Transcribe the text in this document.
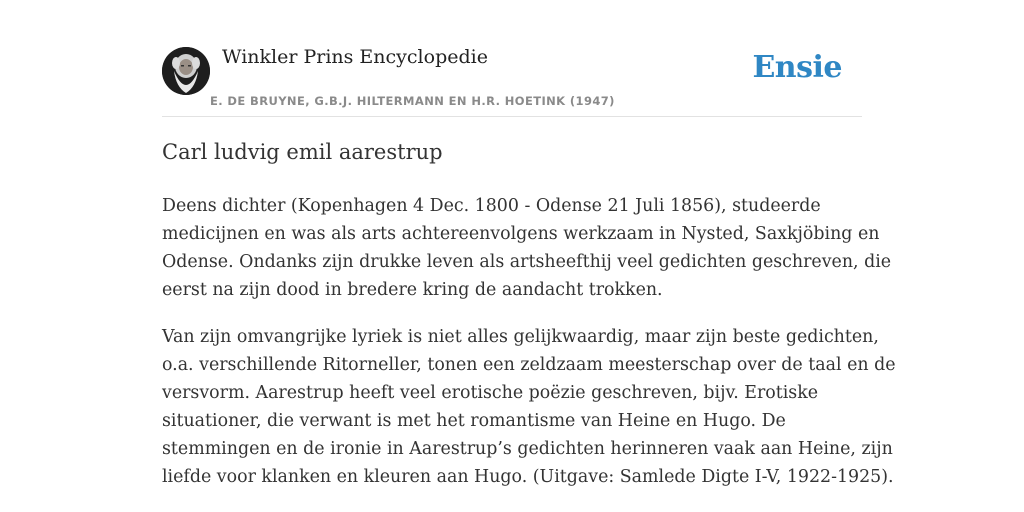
Winkler Prins Encyclopedie
E. DE BRUYNE, G.B.J. HILTERMANN EN H.R. HOETINK (1947)
Ensie
Carl ludvig emil aarestrup

Deens dichter (Kopenhagen 4 Dec. 1800 - Odense 21 Juli 1856), studeerde
medicijnen en was als arts achtereenvolgens werkzaam in Nysted, Saxkjöbing en
Odense. Ondanks zijn drukke leven als artsheefthij veel gedichten geschreven, die
eerst na zijn dood in bredere kring de aandacht trokken.

Van zijn omvangrijke lyriek is niet alles gelijkwaardig, maar zijn beste gedichten,
o.a. verschillende Ritorneller, tonen een zeldzaam meesterschap over de taal en de
versvorm. Aarestrup heeft veel erotische poëzie geschreven, bijv. Erotiske
situationer, die verwant is met het romantisme van Heine en Hugo. De
stemmingen en de ironie in Aarestrup’s gedichten herinneren vaak aan Heine, zijn
liefde voor klanken en kleuren aan Hugo. (Uitgave: Samlede Digte I-V, 1922-1925).
